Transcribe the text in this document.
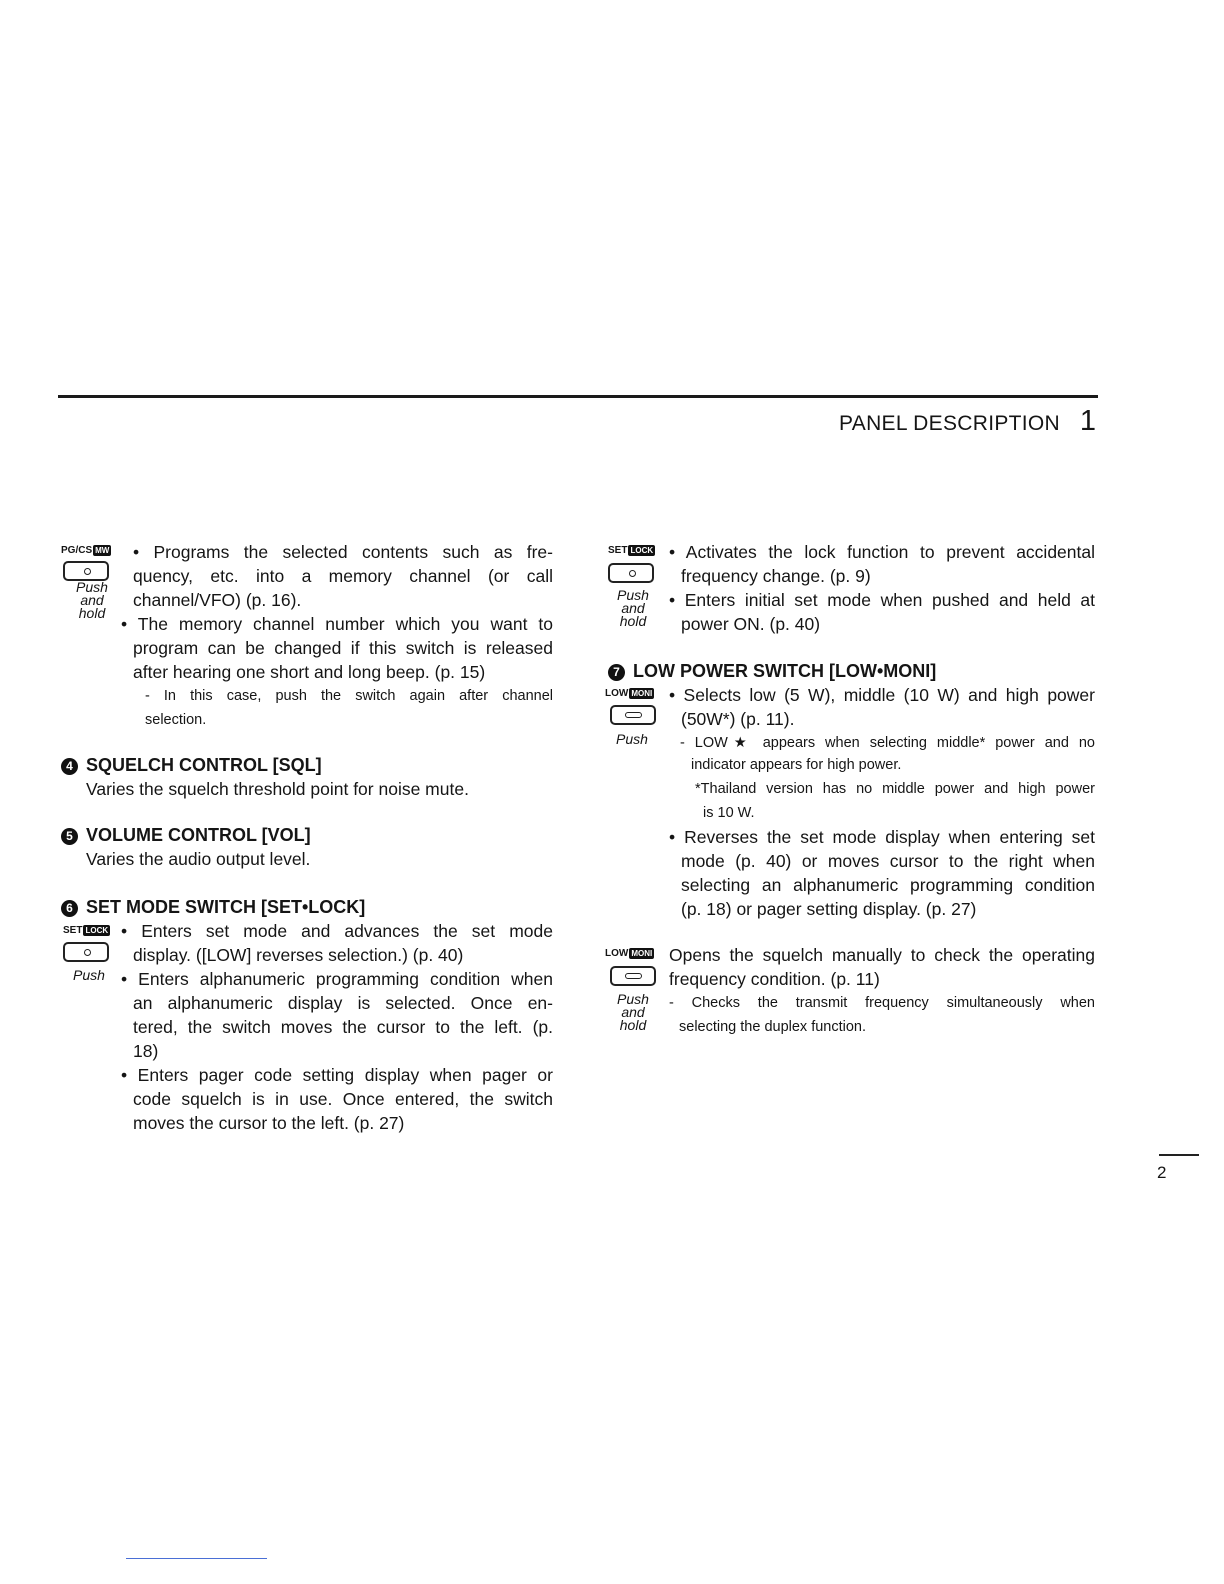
PANEL DESCRIPTION 1
PG/CS MW
Push
and
hold
• Programs the selected contents such as fre-
quency, etc. into a memory channel (or call
channel/VFO) (p. 16).
• The memory channel number which you want to
program can be changed if this switch is released
after hearing one short and long beep. (p. 15)
- In this case, push the switch again after channel
selection.
4 SQUELCH CONTROL [SQL]
Varies the squelch threshold point for noise mute.
5 VOLUME CONTROL [VOL]
Varies the audio output level.
6 SET MODE SWITCH [SET•LOCK]
SET LOCK
Push
• Enters set mode and advances the set mode
display. ([LOW] reverses selection.) (p. 40)
• Enters alphanumeric programming condition when
an alphanumeric display is selected. Once en-
tered, the switch moves the cursor to the left. (p.
18)
• Enters pager code setting display when pager or
code squelch is in use. Once entered, the switch
moves the cursor to the left. (p. 27)
SET LOCK
Push
and
hold
• Activates the lock function to prevent accidental
frequency change. (p. 9)
• Enters initial set mode when pushed and held at
power ON. (p. 40)
7 LOW POWER SWITCH [LOW•MONI]
LOW MONI
Push
• Selects low (5 W), middle (10 W) and high power
(50W*) (p. 11).
- LOW★ appears when selecting middle* power and no
indicator appears for high power.
*Thailand version has no middle power and high power
is 10 W.
• Reverses the set mode display when entering set
mode (p. 40) or moves cursor to the right when
selecting an alphanumeric programming condition
(p. 18) or pager setting display. (p. 27)
LOW MONI
Push
and
hold
Opens the squelch manually to check the operating
frequency condition. (p. 11)
- Checks the transmit frequency simultaneously when
selecting the duplex function.
2
